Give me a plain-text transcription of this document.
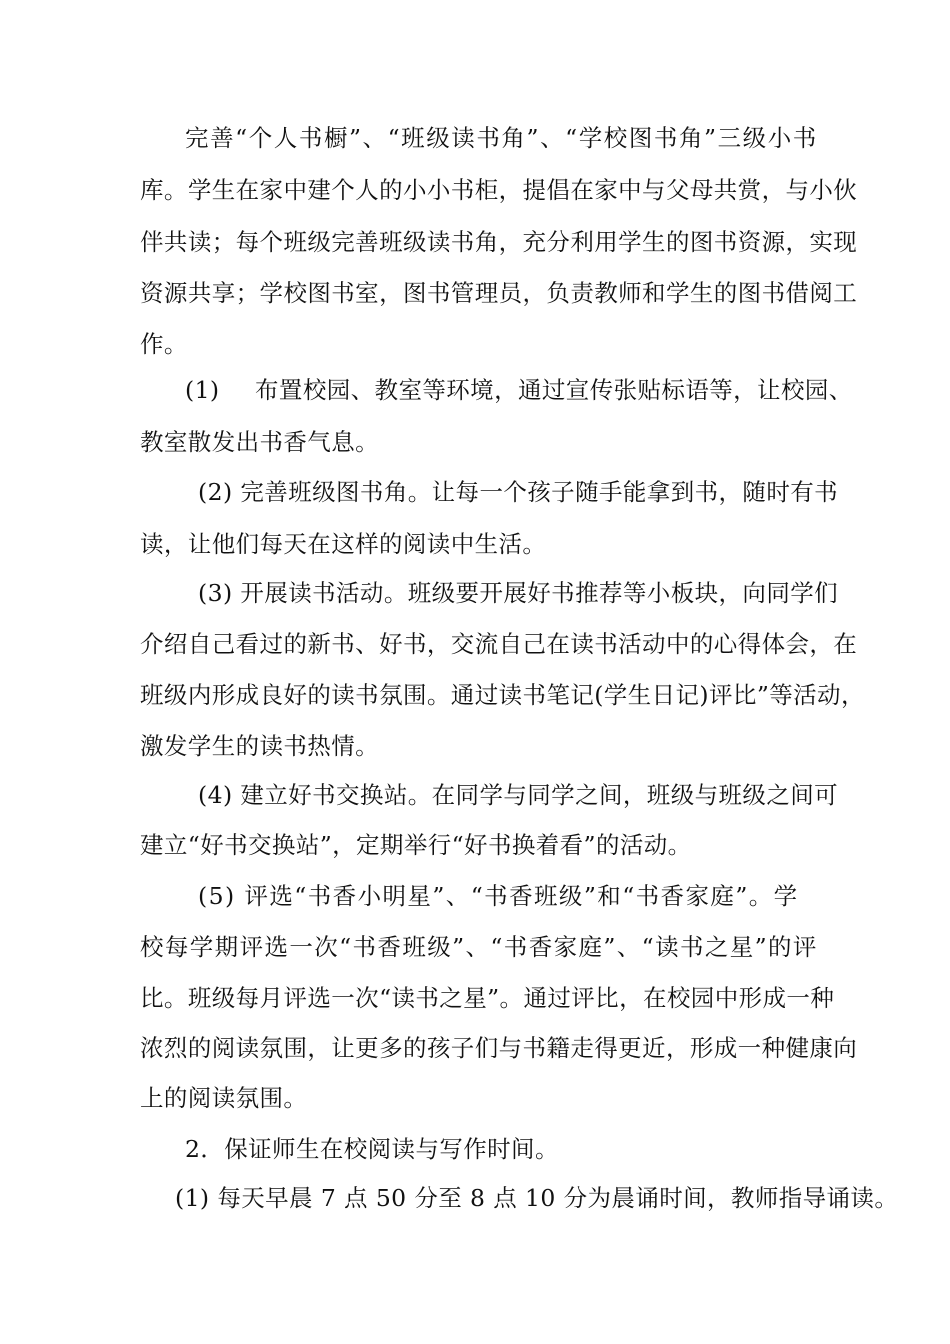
完 善 “ 个 人 书 橱 ” 、 “ 班 级 读 书 角 ” 、 “ 学 校 图 书 角 ” 三 级 小 书
库 。 学 生 在 家 中 建 个 人 的 小 小 书 柜 ， 提 倡 在 家 中 与 父 母 共 赏 ， 与 小 伙
伴 共 读 ； 每 个 班 级 完 善 班 级 读 书 角 ， 充 分 利 用 学 生 的 图 书 资 源 ， 实 现
资 源 共 享 ； 学 校 图 书 室 ， 图 书 管 理 员 ， 负 责 教 师 和 学 生 的 图 书 借 阅 工
作。
(1) 布 置 校 园 、 教 室 等 环 境 ， 通 过 宣 传 张 贴 标 语 等 ， 让 校 园 、
教室散发出书香气息。
( 2 )
完 善 班 级 图 书 角 。 让 每 一 个 孩 子 随 手 能 拿 到 书 ， 随 时 有 书
读，让他们每天在这样的阅读中生活。
( 3 )
开 展 读 书 活 动 。 班 级 要 开 展 好 书 推 荐 等 小 板 块 ， 向 同 学 们
介 绍 自 己 看 过 的 新 书 、 好 书 ， 交 流 自 己 在 读 书 活 动 中 的 心 得 体 会 ， 在
班 级 内 形 成 良 好 的 读 书 氛 围 。 通 过 读 书 笔 记 ( 学 生 日 记 ) 评 比 ” 等 活 动 ，
激发学生的读书热情。
( 4 )
建 立 好 书 交 换 站 。 在 同 学 与 同 学 之 间 ， 班 级 与 班 级 之 间 可
建立“好书交换站”，定期举行“好书换着看”的活动。
( 5 )
评 选 “ 书 香 小 明 星 ” 、 “ 书 香 班 级 ” 和 “ 书 香 家 庭 ” 。 学
校 每 学 期 评 选 一 次 “ 书 香 班 级 ” 、 “ 书 香 家 庭 ” 、 “ 读 书 之 星 ” 的 评
比 。 班 级 每 月 评 选 一 次 “ 读 书 之 星 ” 。 通 过 评 比 ， 在 校 园 中 形 成 一 种
浓 烈 的 阅 读 氛 围 ， 让 更 多 的 孩 子 们 与 书 籍 走 得 更 近 ， 形 成 一 种 健 康 向
上的阅读氛围。
2．保证师生在校阅读与写作时间。
(1) 每天早晨 7 点 50 分至 8 点 10 分为晨诵时间，教师指导诵读。
